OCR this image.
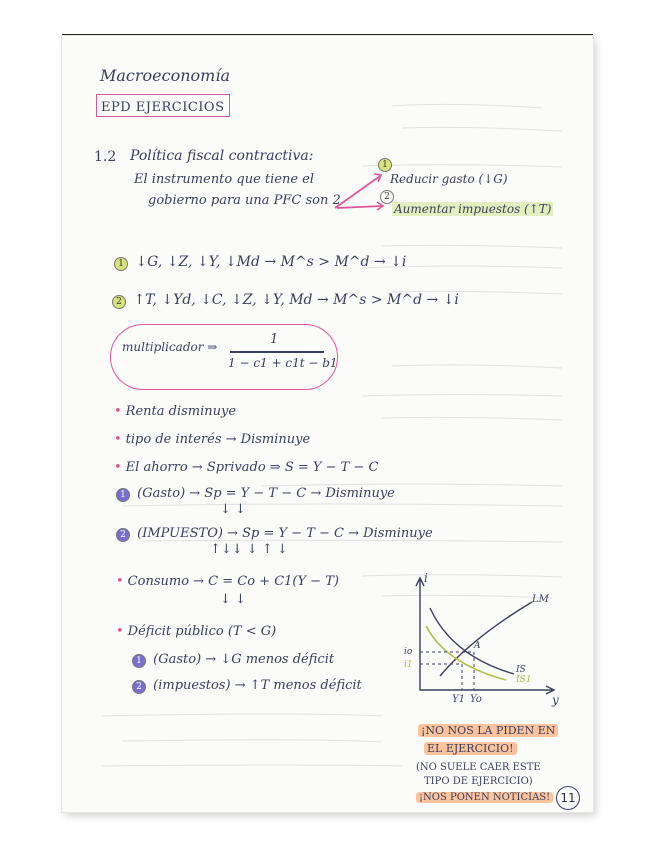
Macroeconomía
EPD EJERCICIOS
1.2 Política fiscal contractiva:
El instrumento que tiene el
gobierno para una PFC son 2
1
Reducir gasto (↓G)
2
Aumentar impuestos (↑T)
1 ↓G, ↓Z, ↓Y, ↓Md → M^s > M^d → ↓i
2 ↑T, ↓Yd, ↓C, ↓Z, ↓Y, Md → M^s > M^d → ↓i
multiplicador ⇒	1
1 − c1 + c1t − b1
• Renta disminuye
• tipo de interés → Disminuye
• El ahorro → Sprivado ⇒ S = Y − T − C
1 (Gasto) → Sp = Y − T − C → Disminuye
↓ ↓
2 (IMPUESTO) → Sp = Y − T − C → Disminuye
↑↓↓ ↓ ↑ ↓
• Consumo → C = Co + C1(Y − T)
↓ ↓
• Déficit público (T < G)
1 (Gasto) → ↓G menos déficit
2 (impuestos) → ↑T menos déficit
i
y
LM
IS
IS1
A
io
i1
Y1 Yo
¡NO NOS LA PIDEN EN
EL EJERCICIO!
(NO SUELE CAER ESTE
TIPO DE EJERCICIO)
¡NOS PONEN NOTICIAS! 11
